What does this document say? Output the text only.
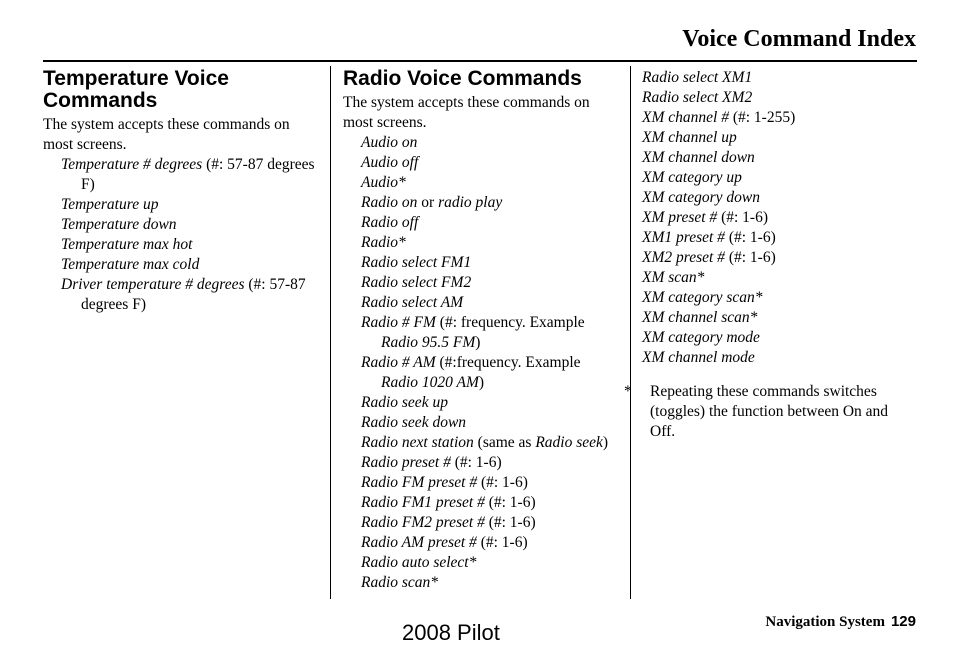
Voice Command Index
Temperature Voice
Commands

The system accepts these commands on most screens.

Temperature # degrees (#: 57-87 degrees F)
Temperature up
Temperature down
Temperature max hot
Temperature max cold
Driver temperature # degrees (#: 57-87 degrees F)
Radio Voice Commands

The system accepts these commands on most screens.

Audio on
Audio off
Audio*
Radio on or radio play
Radio off
Radio*
Radio select FM1
Radio select FM2
Radio select AM
Radio # FM (#: frequency. Example Radio 95.5 FM)
Radio # AM (#:frequency. Example Radio 1020 AM)
Radio seek up
Radio seek down
Radio next station (same as Radio seek)
Radio preset # (#: 1-6)
Radio FM preset # (#: 1-6)
Radio FM1 preset # (#: 1-6)
Radio FM2 preset # (#: 1-6)
Radio AM preset # (#: 1-6)
Radio auto select*
Radio scan*
Radio select XM1
Radio select XM2
XM channel # (#: 1-255)
XM channel up
XM channel down
XM category up
XM category down
XM preset # (#: 1-6)
XM1 preset # (#: 1-6)
XM2 preset # (#: 1-6)
XM scan*
XM category scan*
XM channel scan*
XM category mode
XM channel mode
*	Repeating these commands switches (toggles) the function between On and Off.
Navigation System 129
2008 Pilot
